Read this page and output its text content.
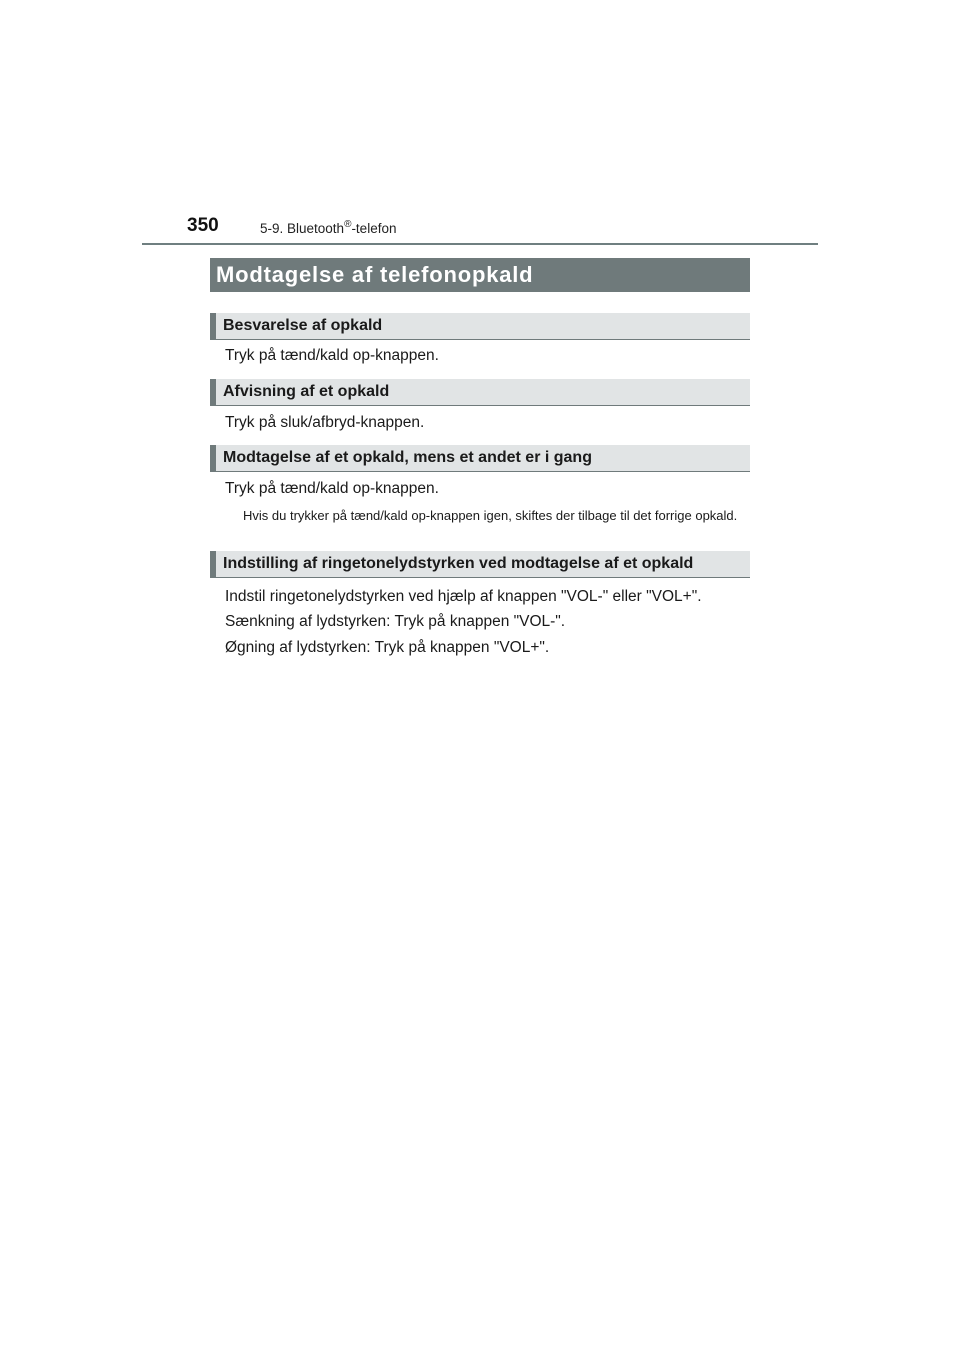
350	5-9. Bluetooth®-telefon
Modtagelse af telefonopkald
Besvarelse af opkald
Tryk på tænd/kald op-knappen.
Afvisning af et opkald
Tryk på sluk/afbryd-knappen.
Modtagelse af et opkald, mens et andet er i gang
Tryk på tænd/kald op-knappen.
Hvis du trykker på tænd/kald op-knappen igen, skiftes der tilbage til det forrige opkald.
Indstilling af ringetonelydstyrken ved modtagelse af et opkald
Indstil ringetonelydstyrken ved hjælp af knappen "VOL-" eller "VOL+".
Sænkning af lydstyrken: Tryk på knappen "VOL-".
Øgning af lydstyrken: Tryk på knappen "VOL+".
